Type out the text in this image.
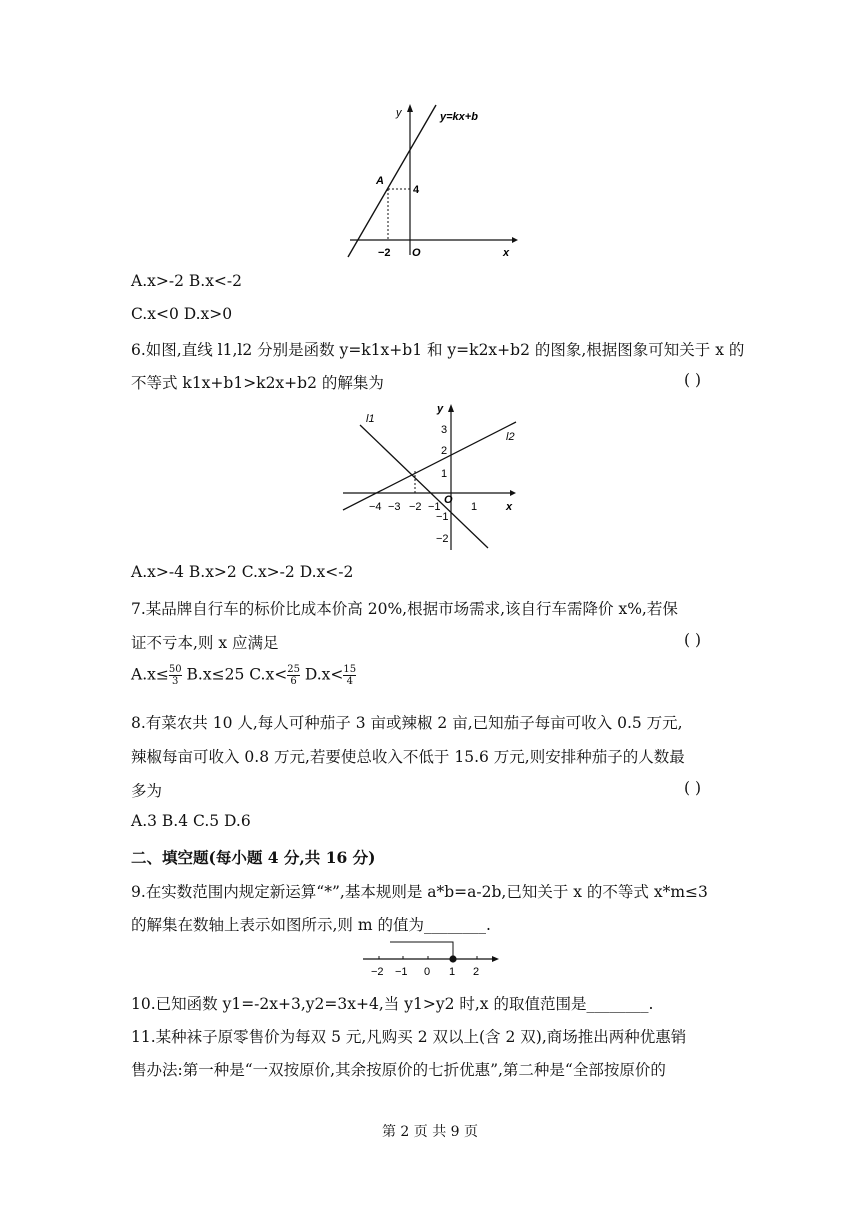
y	y=kx+b
A
4
−2 O	x
A.x>-2 B.x<-2
C.x<0 D.x>0
6.如图,直线 l1,l2 分别是函数 y=k1x+b1 和 y=k2x+b2 的图象,根据图象可知关于 x 的
不等式 k1x+b1>k2x+b2 的解集为	( )
l1
l2
y
x
O
−4 −3 −2 −1	1
3
2
1
−1
−2
A.x>-4 B.x>2 C.x>-2 D.x<-2
7.某品牌自行车的标价比成本价高 20%,根据市场需求,该自行车需降价 x%,若保
证不亏本,则 x 应满足	( )
$A.x\le \frac{50}{3} B.x\le 25$ $C.x< \frac{25}{6} D.x< \frac{15}{4}$
8.有菜农共 10 人,每人可种茄子 3 亩或辣椒 2 亩,已知茄子每亩可收入 0.5 万元,
辣椒每亩可收入 0.8 万元,若要使总收入不低于 15.6 万元,则安排种茄子的人数最
多为	( )
A.3 B.4 C.5 D.6
二、填空题(每小题 4 分,共 16 分)
9.在实数范围内规定新运算“*”,基本规则是 a*b=a-2b,已知关于 x 的不等式 x*m≤3
的解集在数轴上表示如图所示,则 m 的值为________.
−2 −1 0 1 2
10.已知函数 y1=-2x+3,y2=3x+4,当 y1>y2 时,x 的取值范围是________.
11.某种袜子原零售价为每双 5 元,凡购买 2 双以上(含 2 双),商场推出两种优惠销
售办法:第一种是“一双按原价,其余按原价的七折优惠”,第二种是“全部按原价的
第 2 页 共 9 页
